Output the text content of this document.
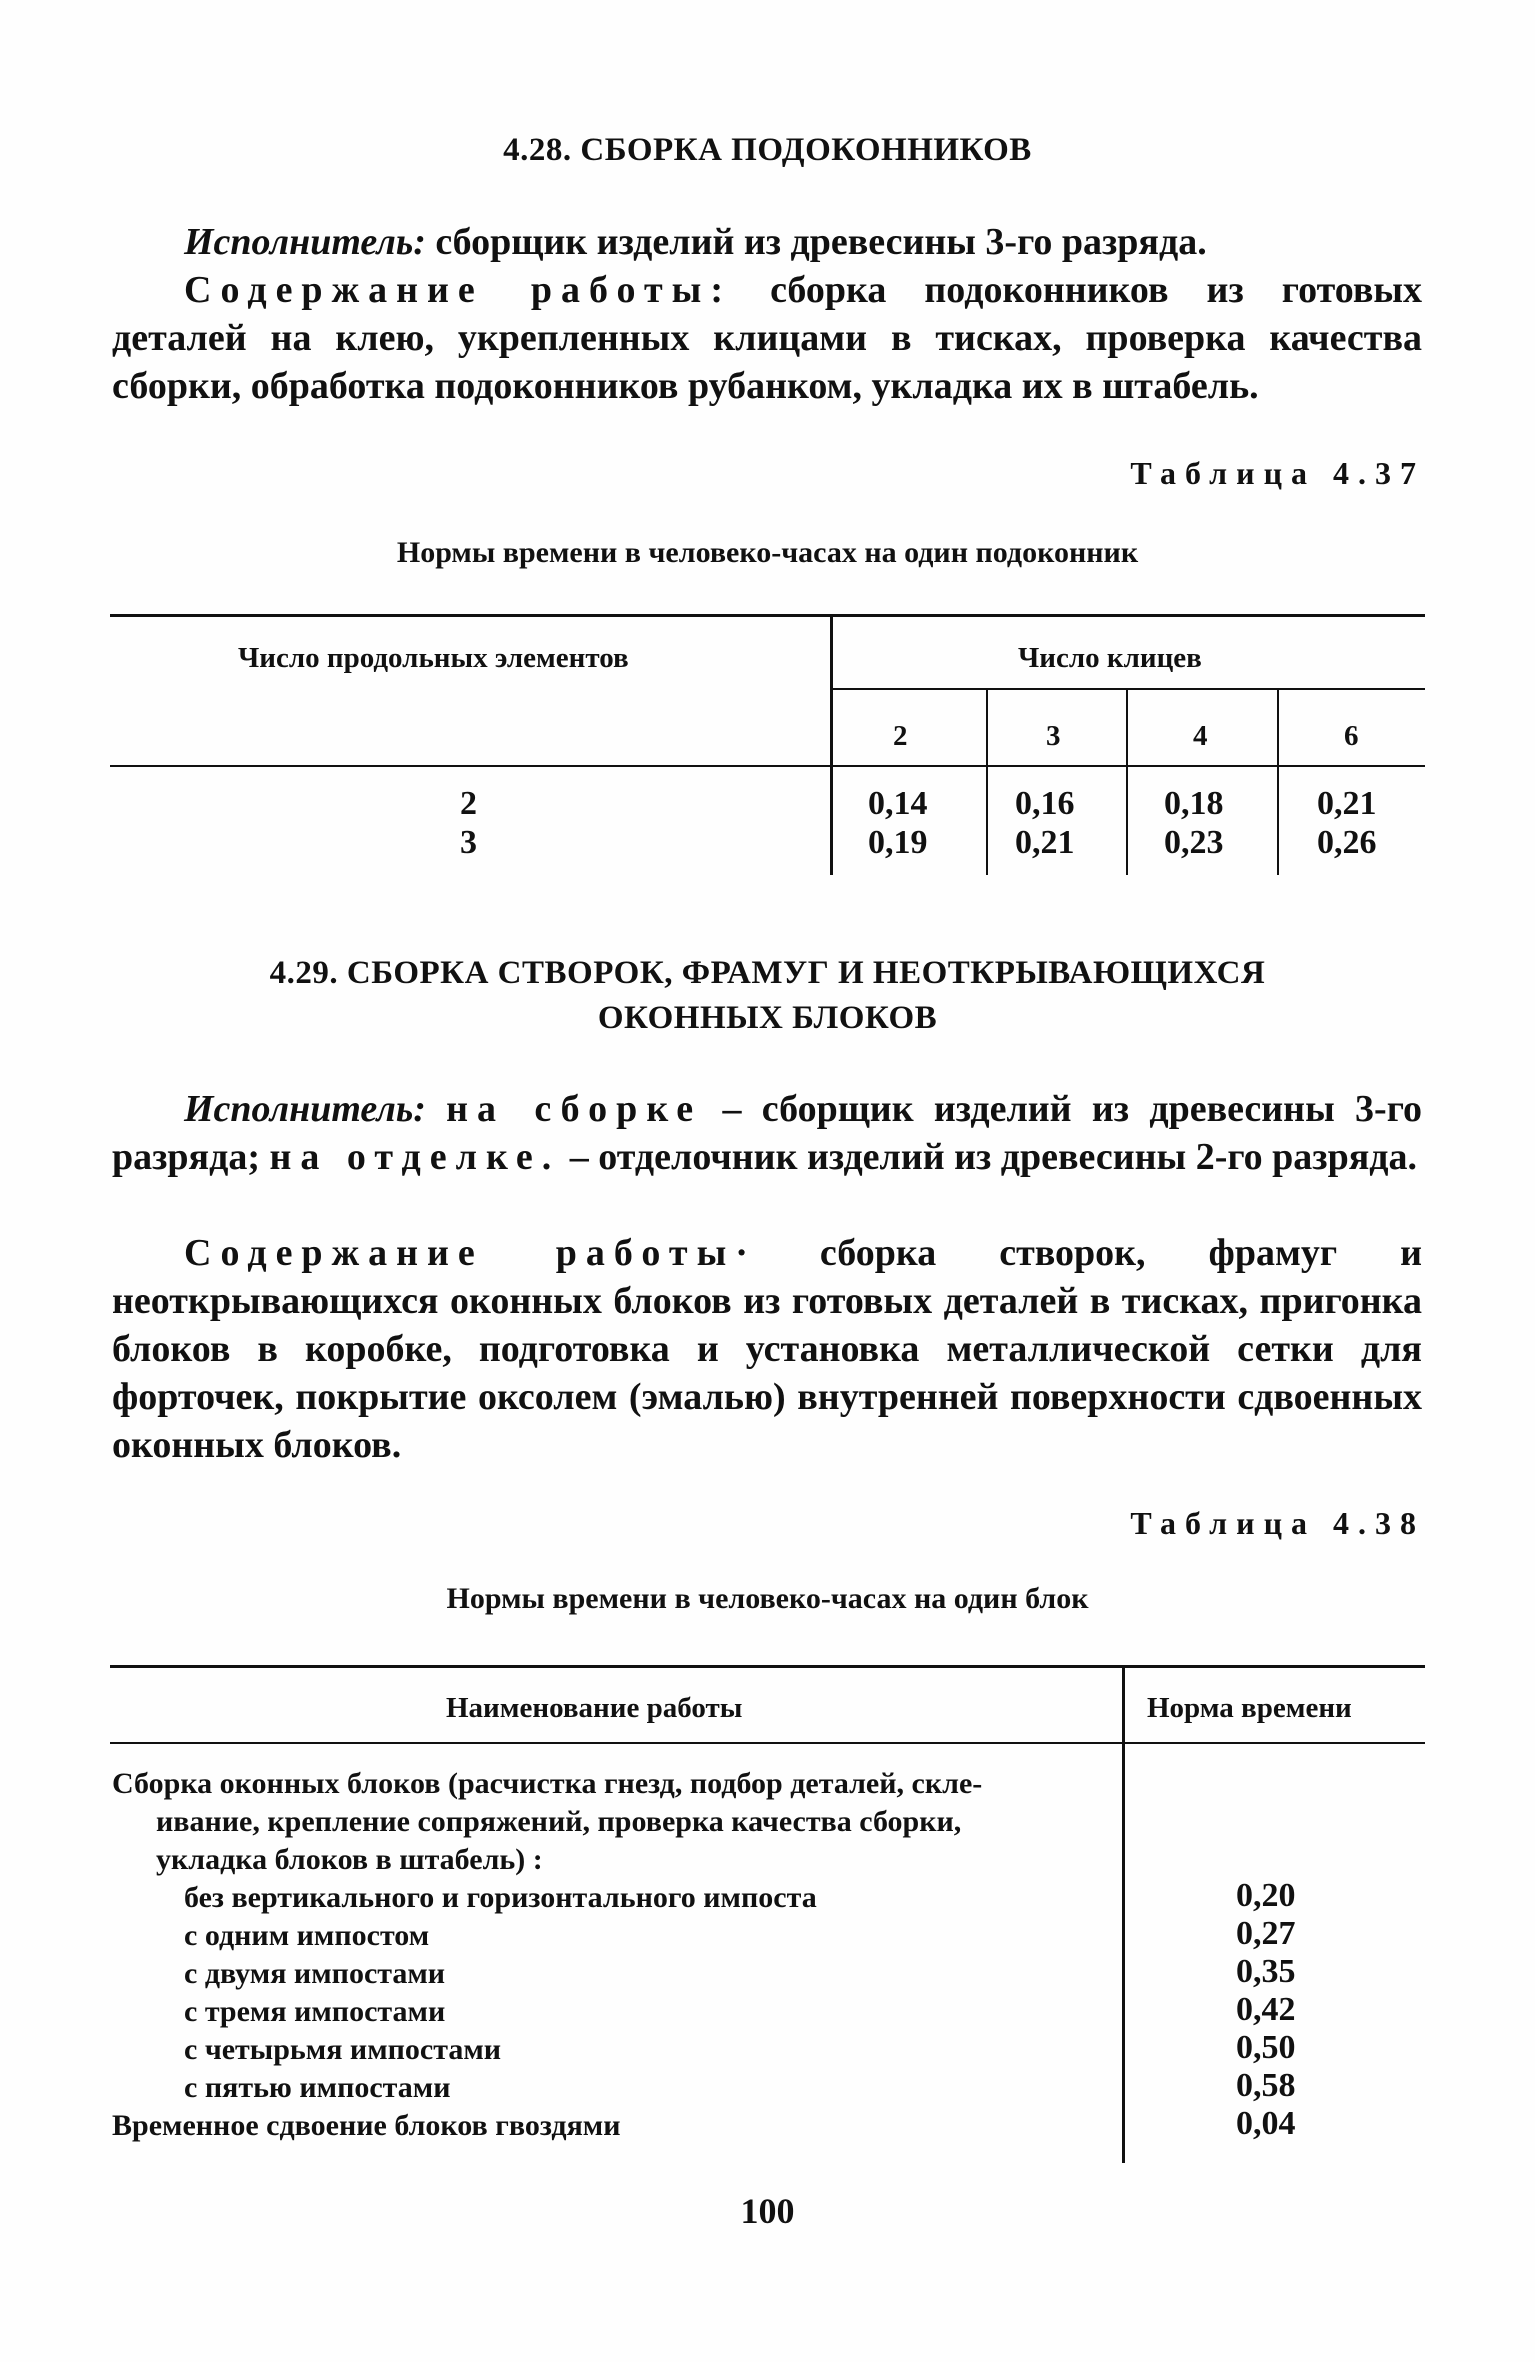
4.28. СБОРКА ПОДОКОННИКОВ

Исполнитель: сборщик изделий из древесины 3-го разряда.

Содержание работы: сборка подоконников из готовых деталей на клею, укрепленных клицами в тисках, проверка качества сборки, обработка подоконников рубанком, укладка их в штабель.

Таблица 4.37
Нормы времени в человеко-часах на один подоконник
Число продольных элементов	Число клицев
2	3	4	6
2	0,14	0,16	0,18	0,21
3	0,19	0,21	0,23	0,26
4.29. СБОРКА СТВОРОК, ФРАМУГ И НЕОТКРЫВАЮЩИХСЯ
ОКОННЫХ БЛОКОВ

Исполнитель: на сборке – сборщик изделий из древесины 3-го разряда; на отделке. – отделочник изделий из древесины 2-го разряда.

Содержание работы· сборка створок, фрамуг и неоткрывающихся оконных блоков из готовых деталей в тисках, пригонка блоков в коробке, подготовка и установка металлической сетки для форточек, покрытие оксолем (эмалью) внутренней поверхности сдвоенных оконных блоков.

Таблица 4.38
Нормы времени в человеко-часах на один блок
Наименование работы	Норма времени
Сборка оконных блоков (расчистка гнезд, подбор деталей, скле-
ивание, крепление сопряжений, проверка качества сборки,
укладка блоков в штабель) :
без вертикального и горизонтального импоста	0,20
с одним импостом	0,27
с двумя импостами	0,35
с тремя импостами	0,42
с четырьмя импостами	0,50
с пятью импостами	0,58
Временное сдвоение блоков гвоздями	0,04
100
